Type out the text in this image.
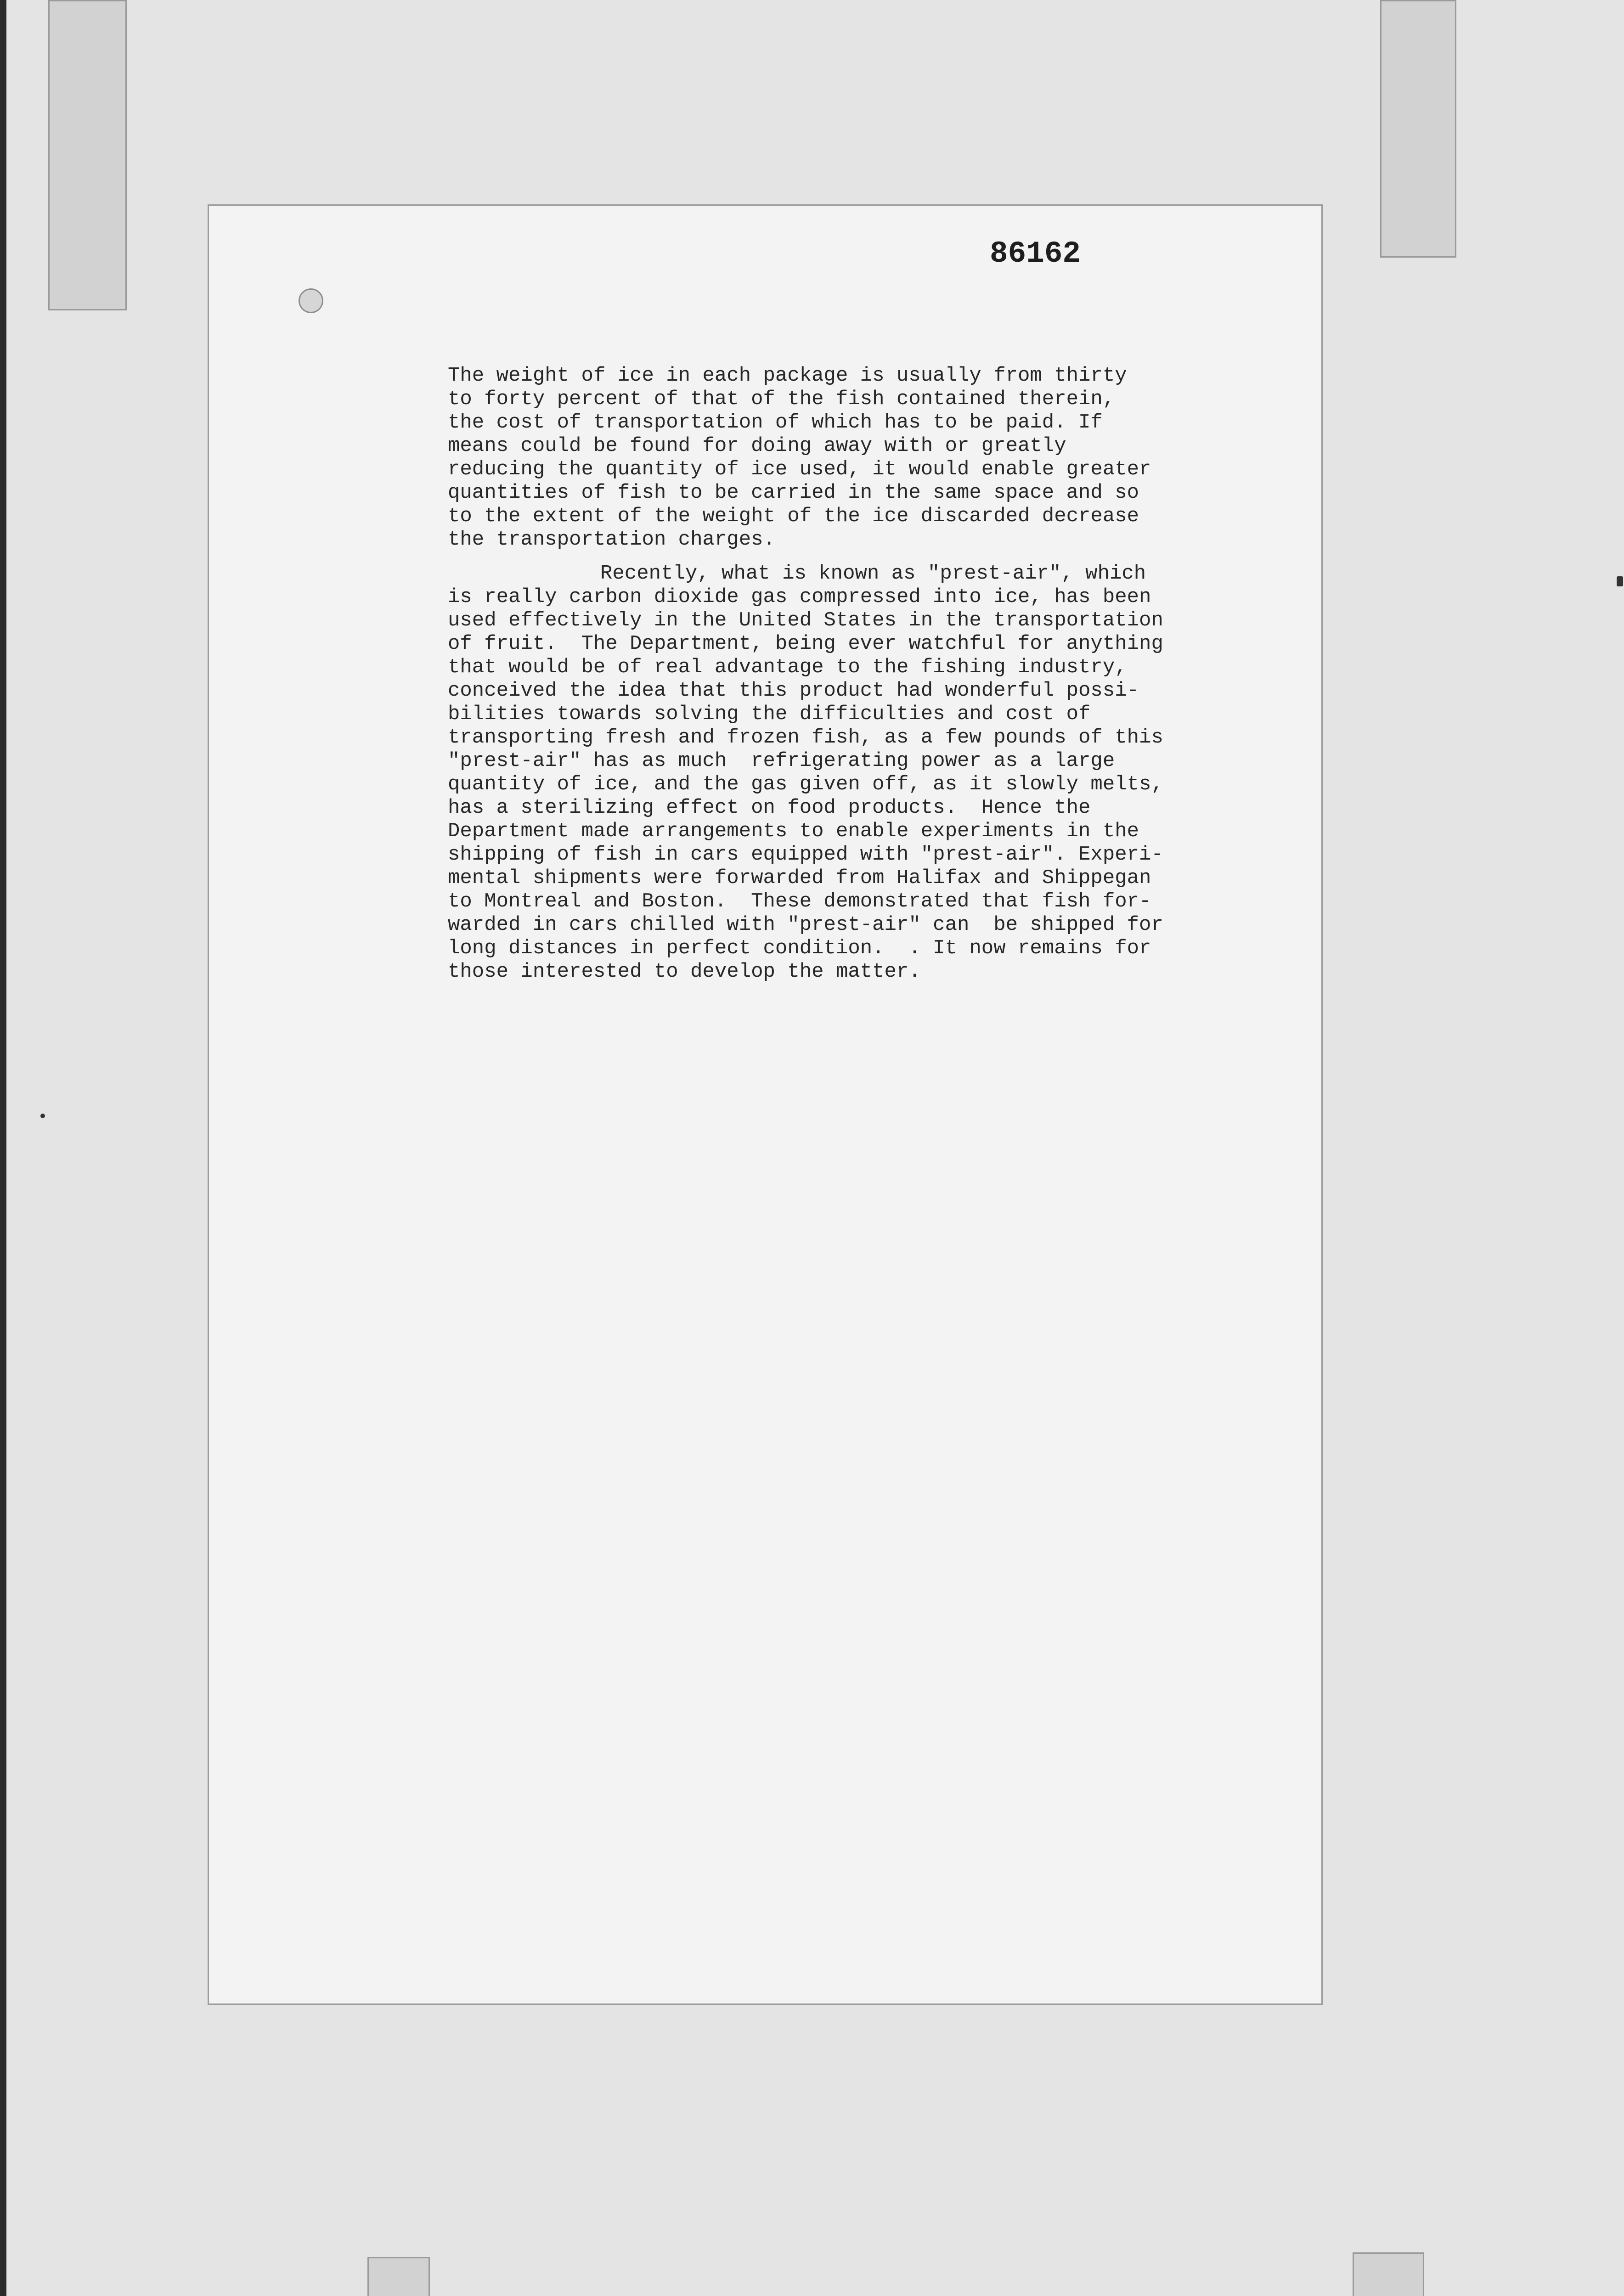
86162

The weight of ice in each package is usually from thirty
to forty percent of that of the fish contained therein,
the cost of transportation of which has to be paid. If
means could be found for doing away with or greatly
reducing the quantity of ice used, it would enable greater
quantities of fish to be carried in the same space and so
to the extent of the weight of the ice discarded decrease
the transportation charges.

Recently, what is known as "prest-air", which
is really carbon dioxide gas compressed into ice, has been
used effectively in the United States in the transportation
of fruit.  The Department, being ever watchful for anything
that would be of real advantage to the fishing industry,
conceived the idea that this product had wonderful possi-
bilities towards solving the difficulties and cost of
transporting fresh and frozen fish, as a few pounds of this
"prest-air" has as much  refrigerating power as a large
quantity of ice, and the gas given off, as it slowly melts,
has a sterilizing effect on food products.  Hence the
Department made arrangements to enable experiments in the
shipping of fish in cars equipped with "prest-air". Experi-
mental shipments were forwarded from Halifax and Shippegan
to Montreal and Boston.  These demonstrated that fish for-
warded in cars chilled with "prest-air" can  be shipped for
long distances in perfect condition.  . It now remains for
those interested to develop the matter.
